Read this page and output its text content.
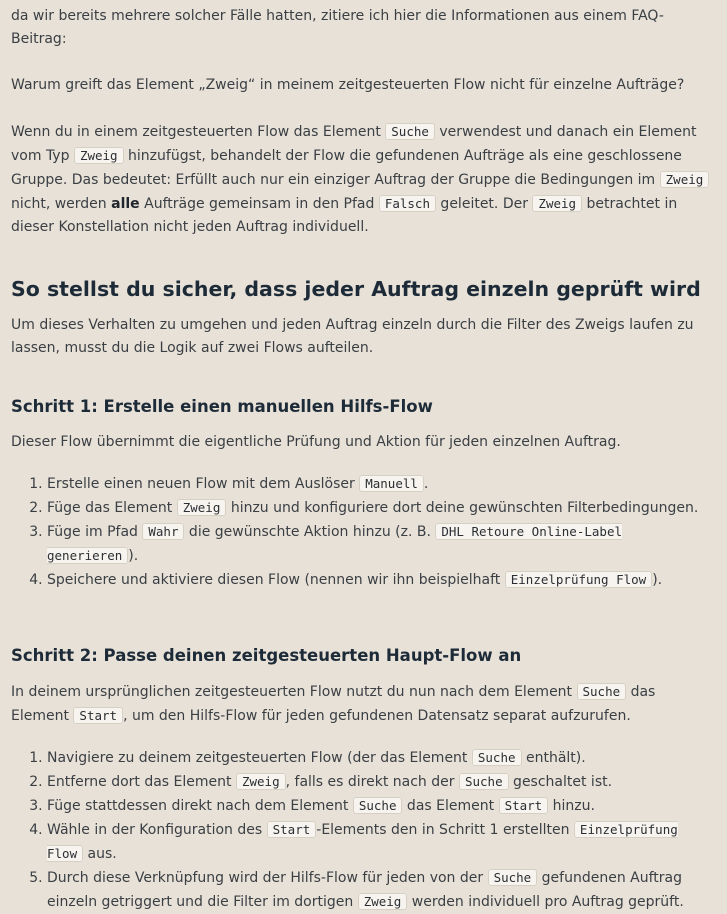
da wir bereits mehrere solcher Fälle hatten, zitiere ich hier die Informationen aus einem FAQ-Beitrag:

Warum greift das Element „Zweig“ in meinem zeitgesteuerten Flow nicht für einzelne Aufträge?

Wenn du in einem zeitgesteuerten Flow das Element Suche verwendest und danach ein Element vom Typ Zweig hinzufügst, behandelt der Flow die gefundenen Aufträge als eine geschlossene Gruppe. Das bedeutet: Erfüllt auch nur ein einziger Auftrag der Gruppe die Bedingungen im Zweig nicht, werden alle Aufträge gemeinsam in den Pfad Falsch geleitet. Der Zweig betrachtet in dieser Konstellation nicht jeden Auftrag individuell.

So stellst du sicher, dass jeder Auftrag einzeln geprüft wird

Um dieses Verhalten zu umgehen und jeden Auftrag einzeln durch die Filter des Zweigs laufen zu lassen, musst du die Logik auf zwei Flows aufteilen.

Schritt 1: Erstelle einen manuellen Hilfs-Flow

Dieser Flow übernimmt die eigentliche Prüfung und Aktion für jeden einzelnen Auftrag.

1. Erstelle einen neuen Flow mit dem Auslöser Manuell .
2. Füge das Element Zweig hinzu und konfiguriere dort deine gewünschten Filterbedingungen.
3. Füge im Pfad Wahr die gewünschte Aktion hinzu (z. B. DHL Retoure Online-Label generieren ).
4. Speichere und aktiviere diesen Flow (nennen wir ihn beispielhaft Einzelprüfung Flow ).
Schritt 2: Passe deinen zeitgesteuerten Haupt-Flow an

In deinem ursprünglichen zeitgesteuerten Flow nutzt du nun nach dem Element Suche das Element Start , um den Hilfs-Flow für jeden gefundenen Datensatz separat aufzurufen.

1. Navigiere zu deinem zeitgesteuerten Flow (der das Element Suche enthält).
2. Entferne dort das Element Zweig , falls es direkt nach der Suche geschaltet ist.
3. Füge stattdessen direkt nach dem Element Suche das Element Start hinzu.
4. Wähle in der Konfiguration des Start -Elements den in Schritt 1 erstellten Einzelprüfung Flow aus.
5. Durch diese Verknüpfung wird der Hilfs-Flow für jeden von der Suche gefundenen Auftrag einzeln getriggert und die Filter im dortigen Zweig werden individuell pro Auftrag geprüft.
